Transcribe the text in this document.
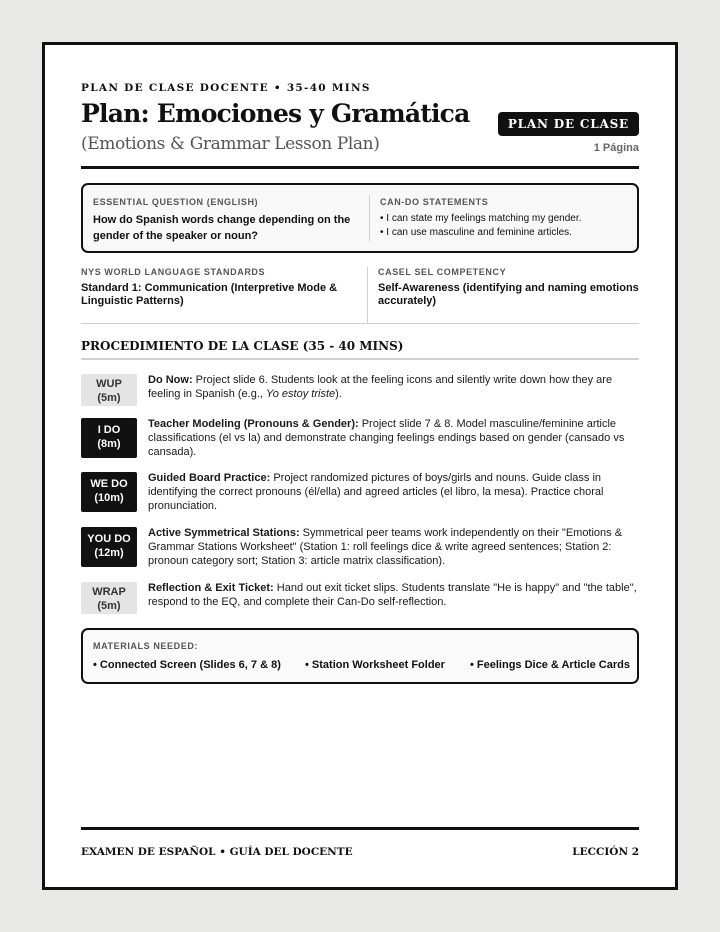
PLAN DE CLASE DOCENTE • 35-40 MINS
Plan: Emociones y Gramática
(Emotions & Grammar Lesson Plan)
PLAN DE CLASE
1 Página
ESSENTIAL QUESTION (ENGLISH)
How do Spanish words change depending on the gender of the speaker or noun?
CAN-DO STATEMENTS
• I can state my feelings matching my gender.
• I can use masculine and feminine articles.
NYS WORLD LANGUAGE STANDARDS
Standard 1: Communication (Interpretive Mode & Linguistic Patterns)
CASEL SEL COMPETENCY
Self-Awareness (identifying and naming emotions accurately)
PROCEDIMIENTO DE LA CLASE (35 - 40 MINS)
WUP
(5m)
Do Now: Project slide 6. Students look at the feeling icons and silently write down how they are feeling in Spanish (e.g., Yo estoy triste).
I DO
(8m)
Teacher Modeling (Pronouns & Gender): Project slide 7 & 8. Model masculine/feminine article classifications (el vs la) and demonstrate changing feelings endings based on gender (cansado vs cansada).
WE DO
(10m)
Guided Board Practice: Project randomized pictures of boys/girls and nouns. Guide class in identifying the correct pronouns (él/ella) and agreed articles (el libro, la mesa). Practice choral pronunciation.
YOU DO
(12m)
Active Symmetrical Stations: Symmetrical peer teams work independently on their "Emotions & Grammar Stations Worksheet" (Station 1: roll feelings dice & write agreed sentences; Station 2: pronoun category sort; Station 3: article matrix classification).
WRAP
(5m)
Reflection & Exit Ticket: Hand out exit ticket slips. Students translate "He is happy" and "the table", respond to the EQ, and complete their Can-Do self-reflection.
MATERIALS NEEDED:
• Connected Screen (Slides 6, 7 & 8) • Station Worksheet Folder • Feelings Dice & Article Cards
EXAMEN DE ESPAÑOL • GUÍA DEL DOCENTE	LECCIÓN 2
